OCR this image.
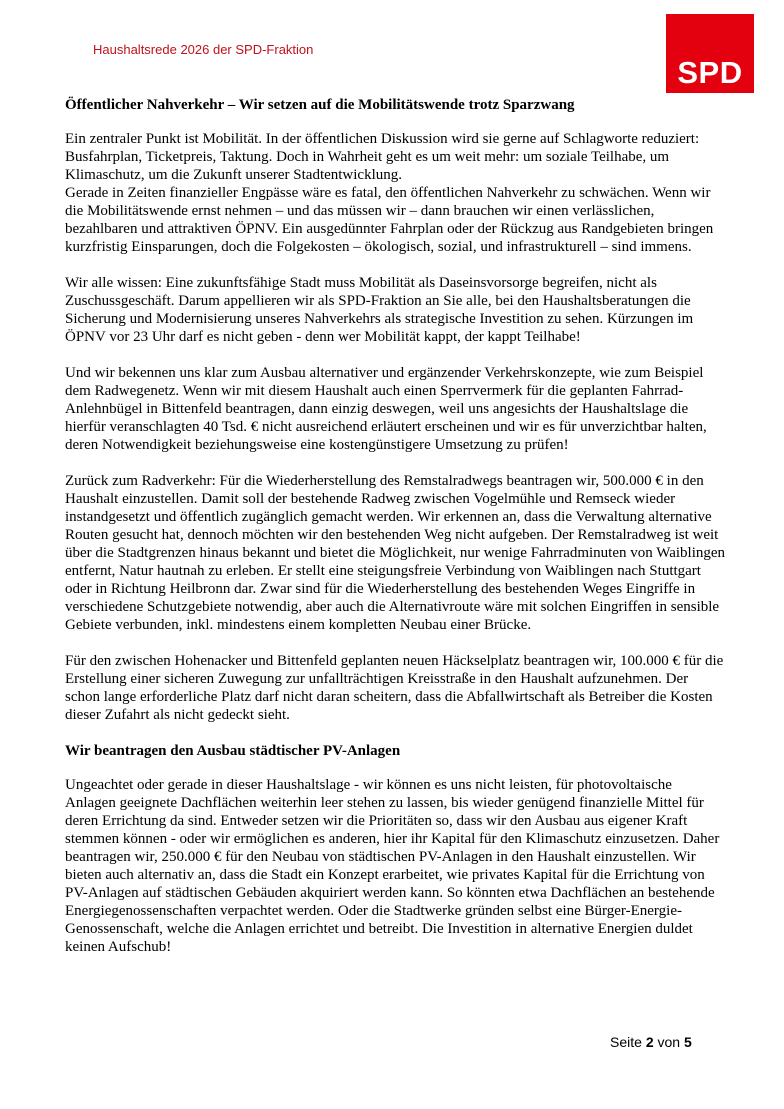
Haushaltsrede 2026 der SPD-Fraktion
SPD
Öffentlicher Nahverkehr – Wir setzen auf die Mobilitätswende trotz Sparzwang

Ein zentraler Punkt ist Mobilität. In der öffentlichen Diskussion wird sie gerne auf Schlagworte reduziert: Busfahrplan, Ticketpreis, Taktung. Doch in Wahrheit geht es um weit mehr: um soziale Teilhabe, um Klimaschutz, um die Zukunft unserer Stadtentwicklung.

Gerade in Zeiten finanzieller Engpässe wäre es fatal, den öffentlichen Nahverkehr zu schwächen. Wenn wir die Mobilitätswende ernst nehmen – und das müssen wir – dann brauchen wir einen verlässlichen, bezahlbaren und attraktiven ÖPNV. Ein ausgedünnter Fahrplan oder der Rückzug aus Randgebieten bringen kurzfristig Einsparungen, doch die Folgekosten – ökologisch, sozial, und infrastrukturell – sind immens.

Wir alle wissen: Eine zukunftsfähige Stadt muss Mobilität als Daseinsvorsorge begreifen, nicht als Zuschussgeschäft. Darum appellieren wir als SPD-Fraktion an Sie alle, bei den Haushaltsberatungen die Sicherung und Modernisierung unseres Nahverkehrs als strategische Investition zu sehen. Kürzungen im ÖPNV vor 23 Uhr darf es nicht geben - denn wer Mobilität kappt, der kappt Teilhabe!

Und wir bekennen uns klar zum Ausbau alternativer und ergänzender Verkehrskonzepte, wie zum Beispiel dem Radwegenetz. Wenn wir mit diesem Haushalt auch einen Sperrvermerk für die geplanten Fahrrad-Anlehnbügel in Bittenfeld beantragen, dann einzig deswegen, weil uns angesichts der Haushaltslage die hierfür veranschlagten 40 Tsd. € nicht ausreichend erläutert erscheinen und wir es für unverzichtbar halten, deren Notwendigkeit beziehungsweise eine kostengünstigere Umsetzung zu prüfen!

Zurück zum Radverkehr: Für die Wiederherstellung des Remstalradwegs beantragen wir, 500.000 € in den Haushalt einzustellen. Damit soll der bestehende Radweg zwischen Vogelmühle und Remseck wieder instandgesetzt und öffentlich zugänglich gemacht werden. Wir erkennen an, dass die Verwaltung alternative Routen gesucht hat, dennoch möchten wir den bestehenden Weg nicht aufgeben. Der Remstalradweg ist weit über die Stadtgrenzen hinaus bekannt und bietet die Möglichkeit, nur wenige Fahrradminuten von Waiblingen entfernt, Natur hautnah zu erleben. Er stellt eine steigungsfreie Verbindung von Waiblingen nach Stuttgart oder in Richtung Heilbronn dar. Zwar sind für die Wiederherstellung des bestehenden Weges Eingriffe in verschiedene Schutzgebiete notwendig, aber auch die Alternativroute wäre mit solchen Eingriffen in sensible Gebiete verbunden, inkl. mindestens einem kompletten Neubau einer Brücke.

Für den zwischen Hohenacker und Bittenfeld geplanten neuen Häckselplatz beantragen wir, 100.000 € für die Erstellung einer sicheren Zuwegung zur unfallträchtigen Kreisstraße in den Haushalt aufzunehmen. Der schon lange erforderliche Platz darf nicht daran scheitern, dass die Abfallwirtschaft als Betreiber die Kosten dieser Zufahrt als nicht gedeckt sieht.

Wir beantragen den Ausbau städtischer PV-Anlagen

Ungeachtet oder gerade in dieser Haushaltslage - wir können es uns nicht leisten, für photovoltaische Anlagen geeignete Dachflächen weiterhin leer stehen zu lassen, bis wieder genügend finanzielle Mittel für deren Errichtung da sind. Entweder setzen wir die Prioritäten so, dass wir den Ausbau aus eigener Kraft stemmen können - oder wir ermöglichen es anderen, hier ihr Kapital für den Klimaschutz einzusetzen. Daher beantragen wir, 250.000 € für den Neubau von städtischen PV-Anlagen in den Haushalt einzustellen. Wir bieten auch alternativ an, dass die Stadt ein Konzept erarbeitet, wie privates Kapital für die Errichtung von PV-Anlagen auf städtischen Gebäuden akquiriert werden kann. So könnten etwa Dachflächen an bestehende Energiegenossenschaften verpachtet werden. Oder die Stadtwerke gründen selbst eine Bürger-Energie-Genossenschaft, welche die Anlagen errichtet und betreibt. Die Investition in alternative Energien duldet keinen Aufschub!

Seite 2 von 5
